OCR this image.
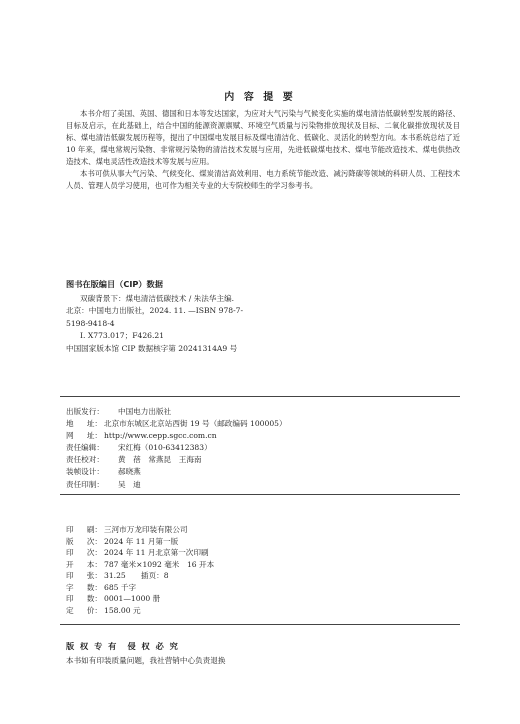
内 容 提 要

本书介绍了美国、英国、德国和日本等发达国家，为应对大气污染与气候变化实施的煤电清洁低碳转型发展的路径、目标及启示，在此基础上，结合中国的能源资源禀赋、环境空气质量与污染物排放现状及目标、二氧化碳排放现状及目标、煤电清洁低碳发展历程等，提出了中国煤电发展目标及煤电清洁化、低碳化、灵活化的转型方向。本书系统总结了近 10 年来，煤电常规污染物、非常规污染物的清洁技术发展与应用，先进低碳煤电技术、煤电节能改造技术、煤电供热改造技术、煤电灵活性改造技术等发展与应用。

本书可供从事大气污染、气候变化、煤炭清洁高效利用、电力系统节能改造、减污降碳等领域的科研人员、工程技术人员、管理人员学习使用，也可作为相关专业的大专院校师生的学习参考书。

图书在版编目（CIP）数据
双碳背景下：煤电清洁低碳技术 / 朱法华主编.
北京：中国电力出版社，2024. 11. —ISBN 978-7-
5198-9418-4
Ⅰ. X773.017；F426.21
中国国家版本馆 CIP 数据核字第 20241314A9 号
出版发行：	中国电力出版社
地 址： 北京市东城区北京站西街 19 号（邮政编码 100005）
网 址： http://www.cepp.sgcc.com.cn
责任编辑：	宋红梅（010-63412383）
责任校对：	黄　蓓　常燕昆　王海南
装帧设计：	郝晓燕
责任印制：	吴　迪
印 刷： 三河市万龙印装有限公司
版 次： 2024 年 11 月第一版
印 次： 2024 年 11 月北京第一次印刷
开 本： 787 毫米×1092 毫米　16 开本
印 张： 31.25　　插页：8
字 数： 685 千字
印 数： 0001—1000 册
定 价： 158.00 元
版 权 专 有　侵 权 必 究
本书如有印装质量问题，我社营销中心负责退换
